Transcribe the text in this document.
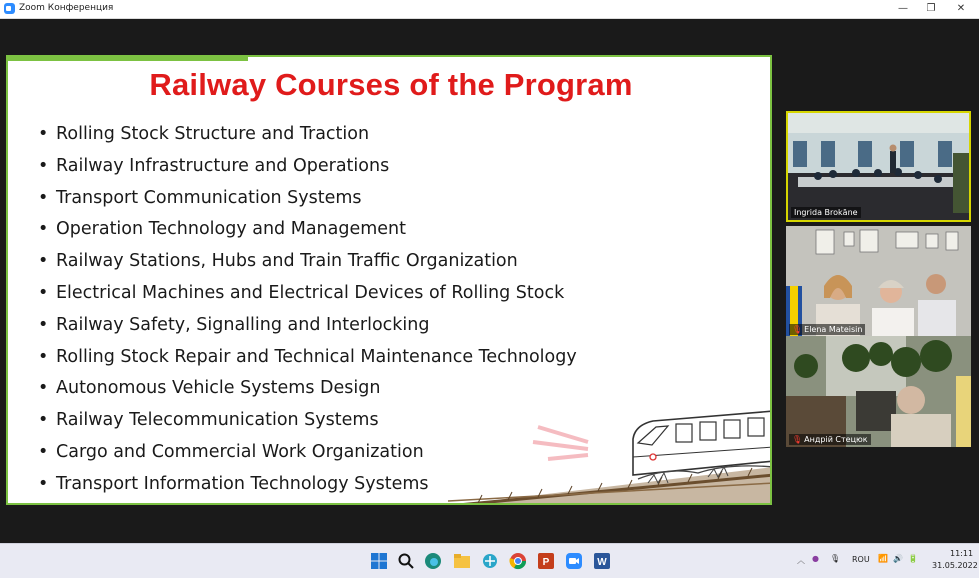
Zoom Конференция	—	❐	✕
Railway Courses of the Program
• Rolling Stock Structure and Traction
• Railway Infrastructure and Operations
• Transport Communication Systems
• Operation Technology and Management
• Railway Stations, Hubs and Train Traffic Organization
• Electrical Machines and Electrical Devices of Rolling Stock
• Railway Safety, Signalling and Interlocking
• Rolling Stock Repair and Technical Maintenance Technology
• Autonomous Vehicle Systems Design
• Railway Telecommunication Systems
• Cargo and Commercial Work Organization
• Transport Information Technology Systems
Ingrida Brokāne
🎙 Elena Mateisin
🎙 Андрій Стецюк
P	W	︿ ● 🎙 ROU 📶 🔊 🔋
11:11
31.05.2022
